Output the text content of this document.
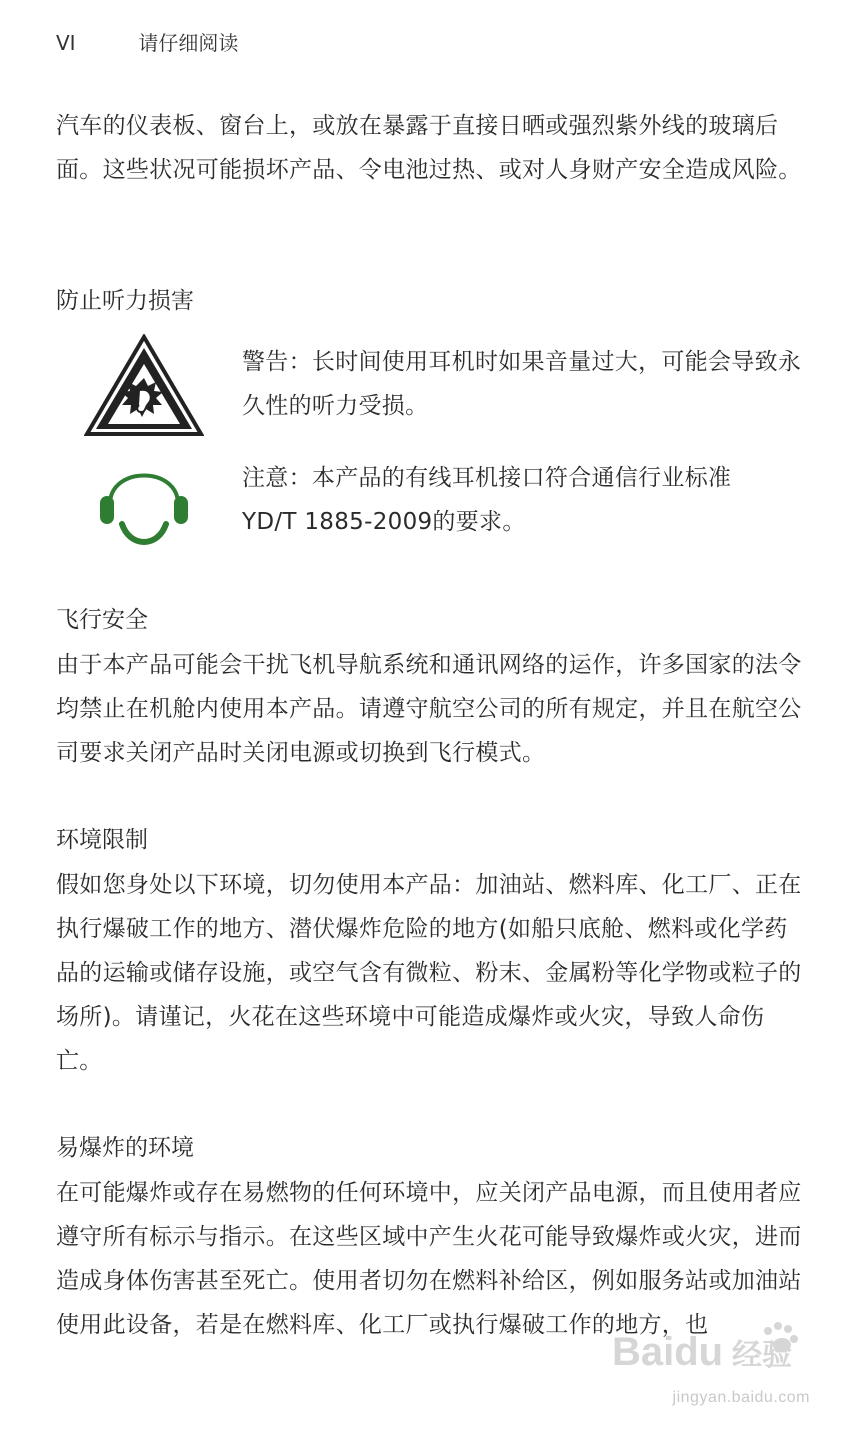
VI	请仔细阅读
汽车的仪表板、窗台上，或放在暴露于直接日晒或强烈紫外线的玻璃后面。这些状况可能损坏产品、令电池过热、或对人身财产安全造成风险。
防止听力损害
警告：长时间使用耳机时如果音量过大，可能会导致永久性的听力受损。
注意：本产品的有线耳机接口符合通信行业标准
YD/T 1885-2009的要求。
飞行安全
由于本产品可能会干扰飞机导航系统和通讯网络的运作，许多国家的法令均禁止在机舱内使用本产品。请遵守航空公司的所有规定，并且在航空公司要求关闭产品时关闭电源或切换到飞行模式。
环境限制
假如您身处以下环境，切勿使用本产品：加油站、燃料库、化工厂、正在执行爆破工作的地方、潜伏爆炸危险的地方(如船只底舱、燃料或化学药品的运输或储存设施，或空气含有微粒、粉末、金属粉等化学物或粒子的场所)。请谨记，火花在这些环境中可能造成爆炸或火灾，导致人命伤亡。
易爆炸的环境
在可能爆炸或存在易燃物的任何环境中，应关闭产品电源，而且使用者应遵守所有标示与指示。在这些区域中产生火花可能导致爆炸或火灾，进而造成身体伤害甚至死亡。使用者切勿在燃料补给区，例如服务站或加油站使用此设备，若是在燃料库、化工厂或执行爆破工作的地方，也
Baidu 经验
jingyan.baidu.com
